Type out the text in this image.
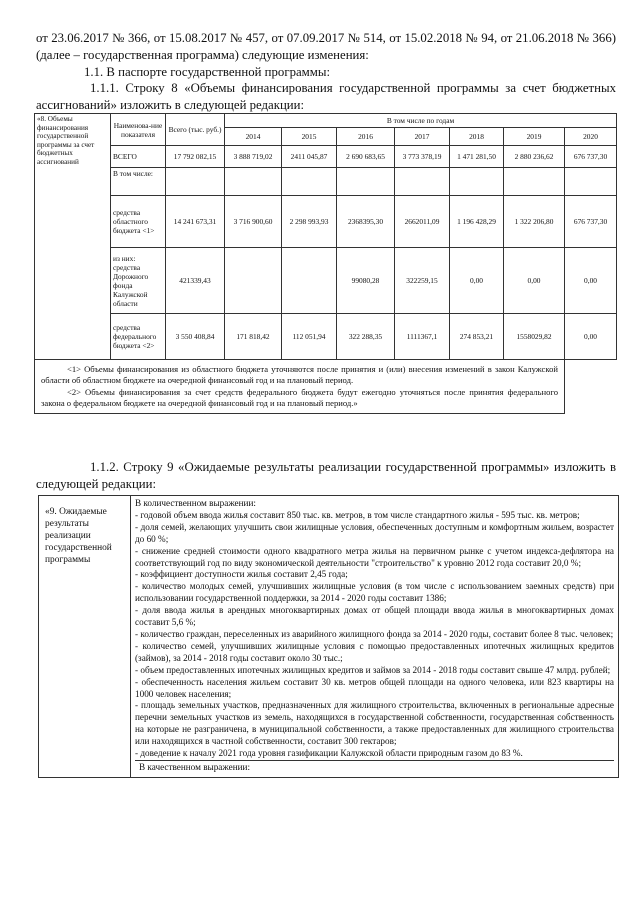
от 23.06.2017 № 366, от 15.08.2017 № 457, от 07.09.2017 № 514, от 15.02.2018 № 94, от 21.06.2018 № 366) (далее – государственная программа) следующие изменения:
1.1. В паспорте государственной программы:
1.1.1. Строку 8 «Объемы финансирования государственной программы за счет бюджетных ассигнований» изложить в следующей редакции:
«8. Объемы финансирования государственной программы за счет бюджетных ассигнований	Наименова-ние показателя	Всего (тыс. руб.)	В том числе по годам						
			2014	2015	2016	2017	2018	2019	2020
	ВСЕГО	17 792 082,15	3 888 719,02	2411 045,87	2 690 683,65	3 773 378,19	1 471 281,50	2 880 236,62	676 737,30
	В том числе:								
	средства областного бюджета <1>	14 241 673,31	3 716 900,60	2 298 993,93	2368395,30	2662011,09	1 196 428,29	1 322 206,80	676 737,30
	из них: средства Дорожного фонда Калужской области	421339,43			99080,28	322259,15	0,00	0,00	0,00
	средства федерального бюджета <2>	3 550 408,84	171 818,42	112 051,94	322 288,35	1111367,1	274 853,21	1558029,82	0,00

<1> Объемы финансирования из областного бюджета уточняются после принятия и (или) внесения изменений в закон Калужской области об областном бюджете на очередной финансовый год и на плановый период.

<2> Объемы финансирования за счет средств федерального бюджета будут ежегодно уточняться после принятия федерального закона о федеральном бюджете на очередной финансовый год и на плановый период.»									

1.1.2. Строку 9 «Ожидаемые результаты реализации государственной программы» изложить в следующей редакции:
«9. Ожидаемые результаты реализации государственной программы	
В количественном выражении:
- годовой объем ввода жилья составит 850 тыс. кв. метров, в том числе стандартного жилья - 595 тыс. кв. метров;
- доля семей, желающих улучшить свои жилищные условия, обеспеченных доступным и комфортным жильем, возрастет до 60 %;
- снижение средней стоимости одного квадратного метра жилья на первичном рынке с учетом индекса-дефлятора на соответствующий год по виду экономической деятельности "строительство" к уровню 2012 года составит 20,0 %;
- коэффициент доступности жилья составит 2,45 года;
- количество молодых семей, улучшивших жилищные условия (в том числе с использованием заемных средств) при использовании государственной поддержки, за 2014 - 2020 годы составит 1386;
- доля ввода жилья в арендных многоквартирных домах от общей площади ввода жилья в многоквартирных домах составит 5,6 %;
- количество граждан, переселенных из аварийного жилищного фонда за 2014 - 2020 годы, составит более 8 тыс. человек;
- количество семей, улучшивших жилищные условия с помощью предоставленных ипотечных жилищных кредитов (займов), за 2014 - 2018 годы составит около 30 тыс.;
- объем предоставленных ипотечных жилищных кредитов и займов за 2014 - 2018 годы составит свыше 47 млрд. рублей;
- обеспеченность населения жильем составит 30 кв. метров общей площади на одного человека, или 823 квартиры на 1000 человек населения;
- площадь земельных участков, предназначенных для жилищного строительства, включенных в региональные адресные перечни земельных участков из земель, находящихся в государственной собственности, государственная собственность на которые не разграничена, в муниципальной собственности, а также предоставленных для жилищного строительства или находящихся в частной собственности, составит 300 гектаров;
- доведение к началу 2021 года уровня газификации Калужской области природным газом до 83 %.
В качественном выражении:
